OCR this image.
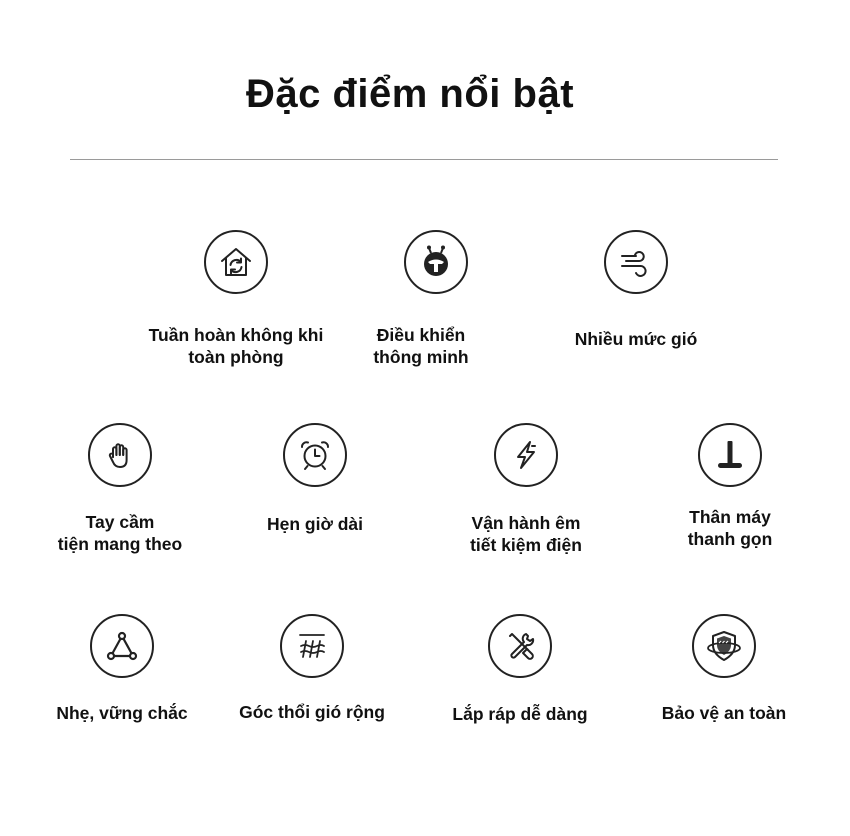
Đặc điểm nổi bật
Tuần hoàn không khi
toàn phòng
Điều khiển
thông minh
Nhiều mức gió
Tay cầm
tiện mang theo
Hẹn giờ dài	Vận hành êm
tiết kiệm điện
Thân máy
thanh gọn
Nhẹ, vững chắc	Góc thổi gió rộng	Lắp ráp dễ dàng	Bảo vệ an toàn
